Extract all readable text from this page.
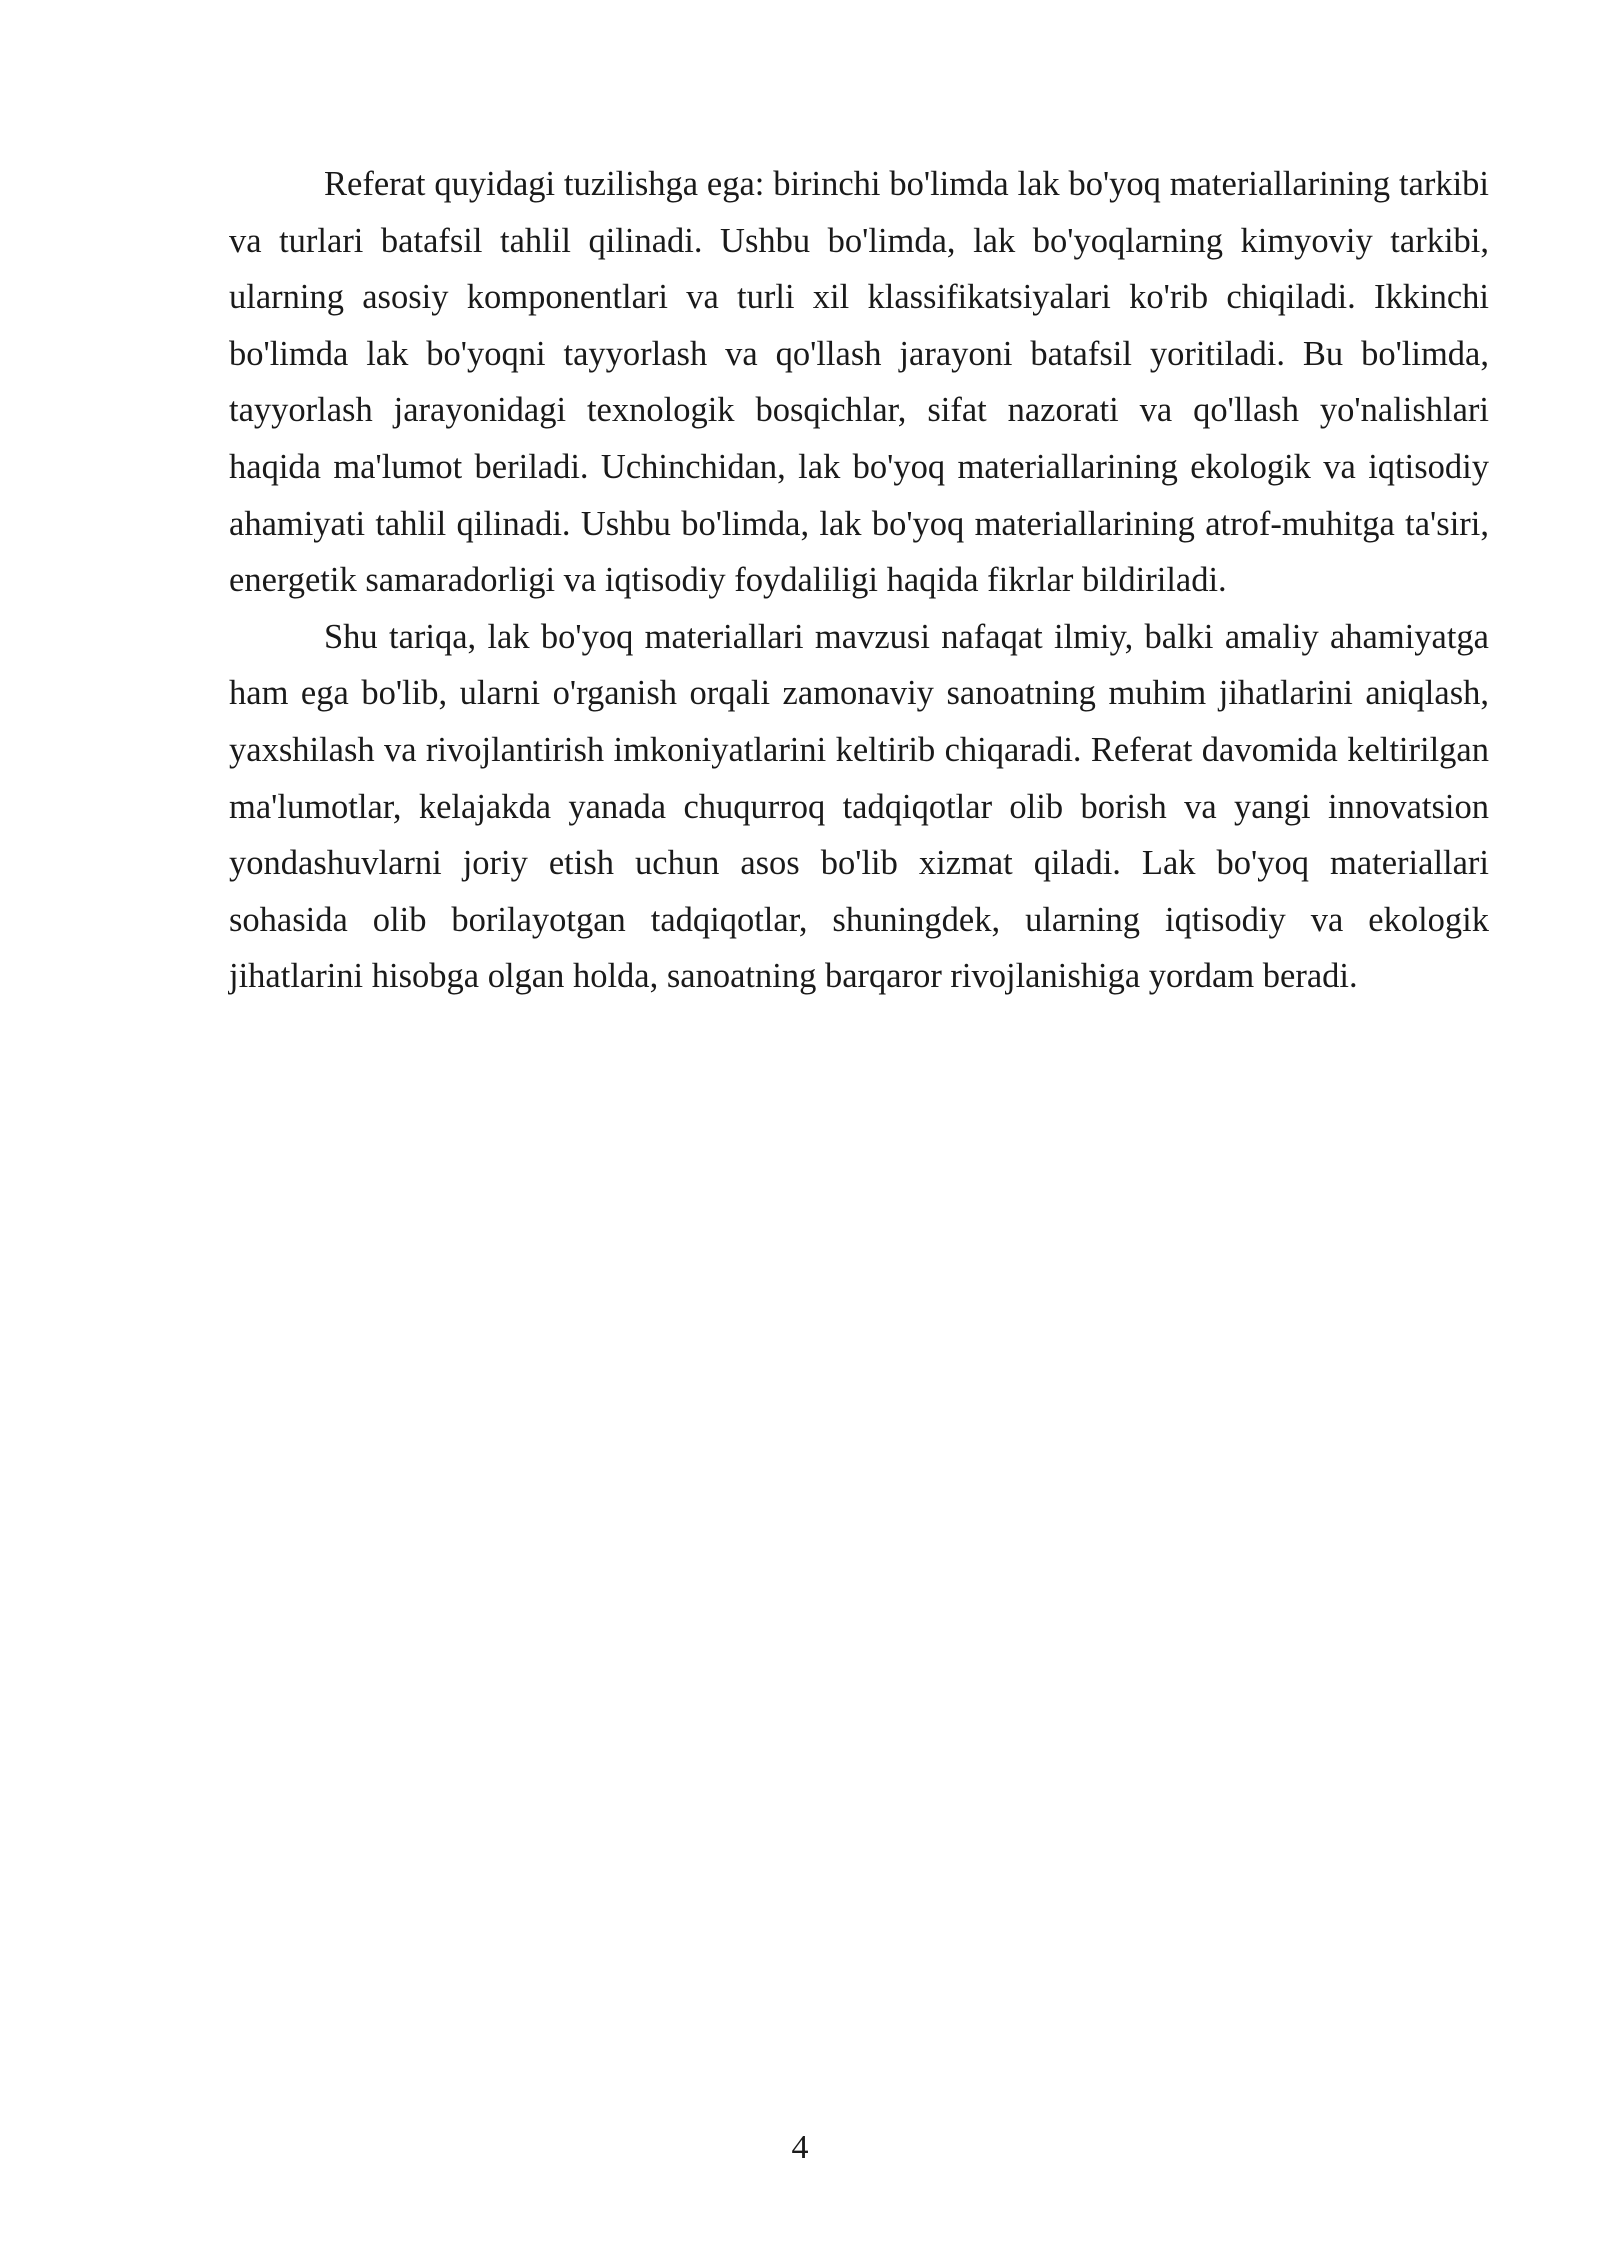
Referat quyidagi tuzilishga ega: birinchi bo'limda lak bo'yoq materiallarining tarkibi va turlari batafsil tahlil qilinadi. Ushbu bo'limda, lak bo'yoqlarning kimyoviy tarkibi, ularning asosiy komponentlari va turli xil klassifikatsiyalari ko'rib chiqiladi. Ikkinchi bo'limda lak bo'yoqni tayyorlash va qo'llash jarayoni batafsil yoritiladi. Bu bo'limda, tayyorlash jarayonidagi texnologik bosqichlar, sifat nazorati va qo'llash yo'nalishlari haqida ma'lumot beriladi. Uchinchidan, lak bo'yoq materiallarining ekologik va iqtisodiy ahamiyati tahlil qilinadi. Ushbu bo'limda, lak bo'yoq materiallarining atrof-muhitga ta'siri, energetik samaradorligi va iqtisodiy foydaliligi haqida fikrlar bildiriladi.

Shu tariqa, lak bo'yoq materiallari mavzusi nafaqat ilmiy, balki amaliy ahamiyatga ham ega bo'lib, ularni o'rganish orqali zamonaviy sanoatning muhim jihatlarini aniqlash, yaxshilash va rivojlantirish imkoniyatlarini keltirib chiqaradi. Referat davomida keltirilgan ma'lumotlar, kelajakda yanada chuqurroq tadqiqotlar olib borish va yangi innovatsion yondashuvlarni joriy etish uchun asos bo'lib xizmat qiladi. Lak bo'yoq materiallari sohasida olib borilayotgan tadqiqotlar, shuningdek, ularning iqtisodiy va ekologik jihatlarini hisobga olgan holda, sanoatning barqaror rivojlanishiga yordam beradi.

4
